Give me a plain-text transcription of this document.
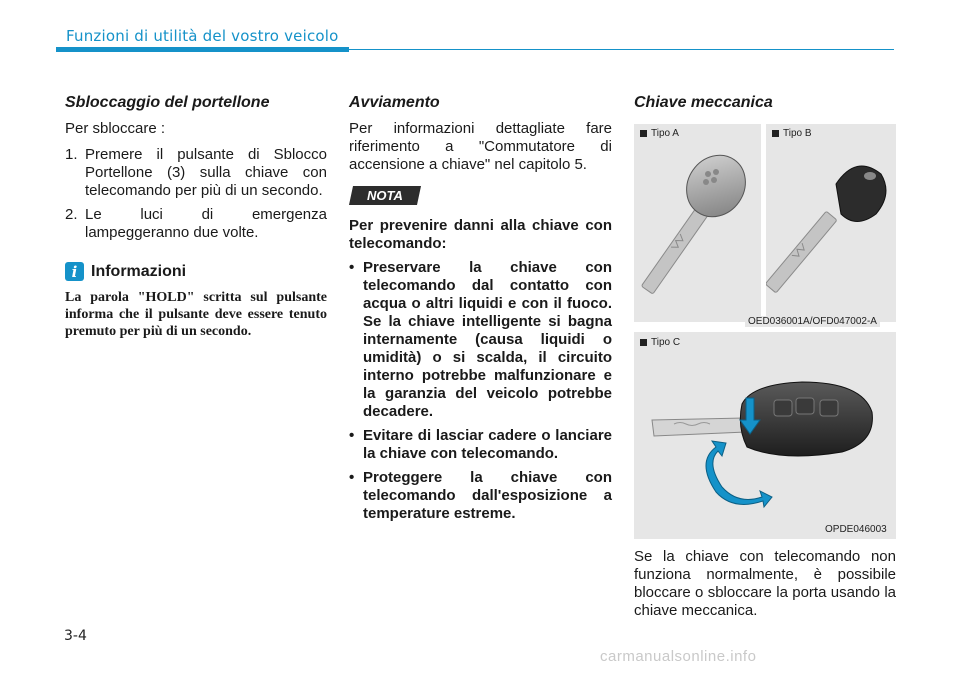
Funzioni di utilità del vostro veicolo
Sbloccaggio del portellone

Per sbloccare :

1. Premere il pulsante di Sblocco Portellone (3) sulla chiave con telecomando per più di un secondo.
2. Le luci di emergenza lampeggeranno due volte.
i Informazioni

La parola "HOLD" scritta sul pulsante informa che il pulsante deve essere tenuto premuto per più di un secondo.

Avviamento

Per informazioni dettagliate fare riferimento a "Commutatore di accensione a chiave" nel capitolo 5.

NOTA

Per prevenire danni alla chiave con telecomando:

• Preservare la chiave con telecomando dal contatto con acqua o altri liquidi e con il fuoco. Se la chiave intelligente si bagna internamente (causa liquidi o umidità) o si scalda, il circuito interno potrebbe malfunzionare e la garanzia del veicolo potrebbe decadere.
• Evitare di lasciar cadere o lanciare la chiave con telecomando.
• Proteggere la chiave con telecomando dall'esposizione a temperature estreme.
Chiave meccanica
Tipo A	Tipo B
OED036001A/OFD047002-A
Tipo C
OPDE046003

Se la chiave con telecomando non funziona normalmente, è possibile bloccare o sbloccare la porta usando la chiave meccanica.

3-4
carmanualsonline.info
